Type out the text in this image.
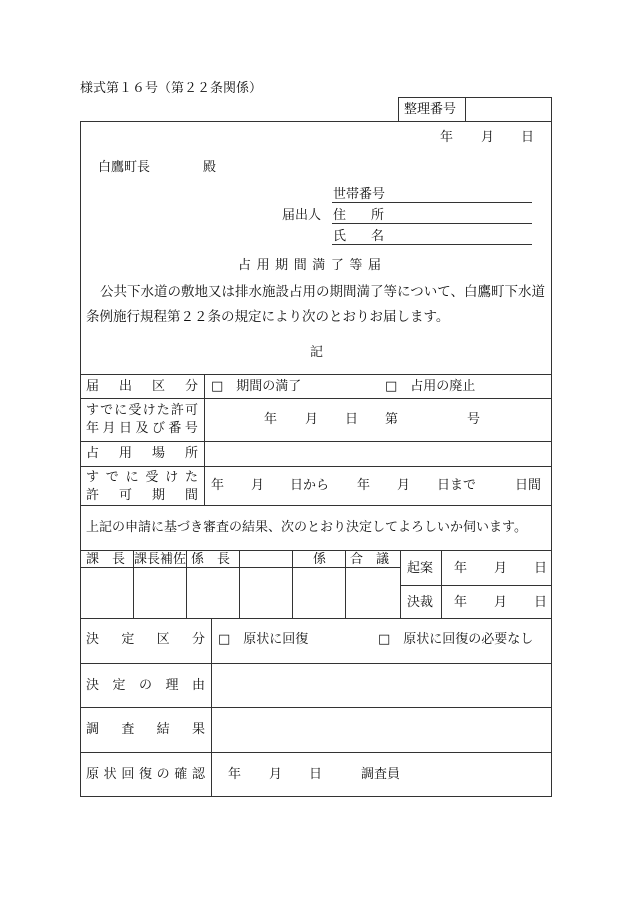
様式第１６号（第２２条関係）
整理番号
年 月 日
白鷹町長	殿
世帯番号
届出人 住 所
氏 名
占 用 期 間 満 了 等 届
公共下水道の敷地又は排水施設占用の期間満了等について、白鷹町下水道
条例施行規程第２２条の規定により次のとおりお届します。
記
届 出 区 分 □　期間の満了	□　占用の廃止
す で に 受 け た 許 可
年 月 日 及 び 番 号
年 月 日 第	号
占 用 場 所
す で に 受 け た
許 可 期 間
年 月 日から 年 月 日まで	日間
上記の申請に基づき審査の結果、次のとおり決定してよろしいか伺います。
課　長 課長補佐 係　長	係 合　議
起案 年 月 日
決裁 年 月 日
決 定 区 分 □　原状に回復	□　原状に回復の必要なし
決 定 の 理 由
調 査 結 果
原 状 回 復 の 確 認 年 月 日	調査員
